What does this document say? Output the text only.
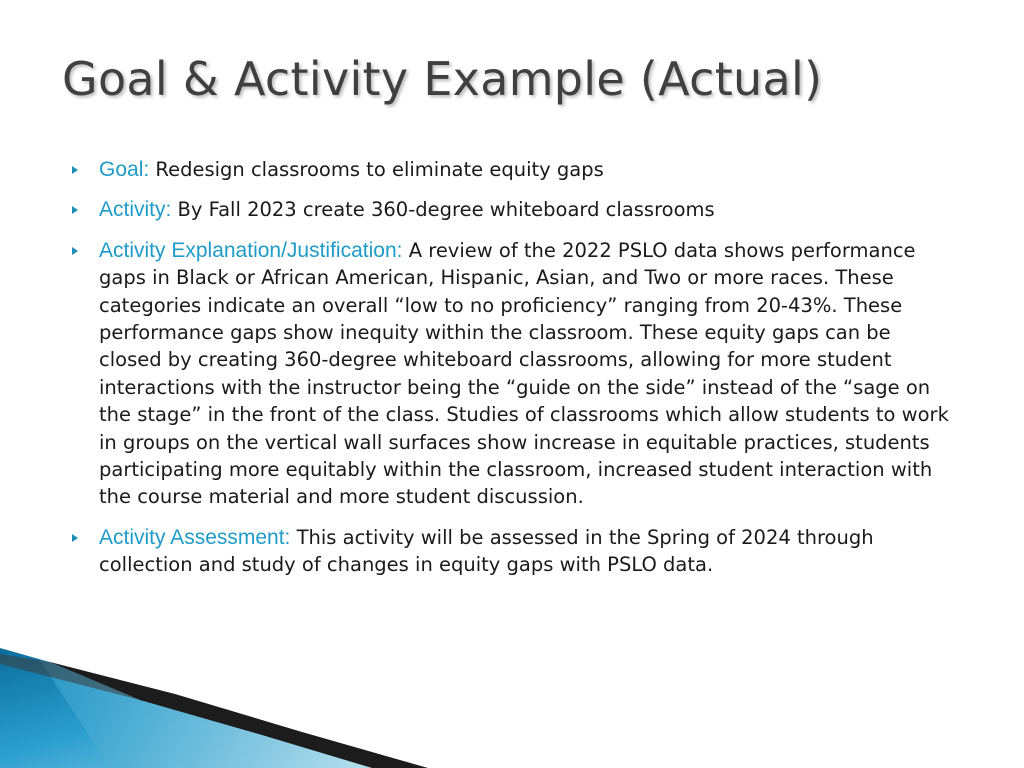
Goal & Activity Example (Actual)
Goal: Redesign classrooms to eliminate equity gaps
Activity: By Fall 2023 create 360-degree whiteboard classrooms
Activity Explanation/Justification: A review of the 2022 PSLO data shows performance gaps in Black or African American, Hispanic, Asian, and Two or more races. These categories indicate an overall “low to no proficiency” ranging from 20-43%. These performance gaps show inequity within the classroom. These equity gaps can be closed by creating 360-degree whiteboard classrooms, allowing for more student interactions with the instructor being the “guide on the side” instead of the “sage on the stage” in the front of the class. Studies of classrooms which allow students to work in groups on the vertical wall surfaces show increase in equitable practices, students participating more equitably within the classroom, increased student interaction with the course material and more student discussion.
Activity Assessment: This activity will be assessed in the Spring of 2024 through collection and study of changes in equity gaps with PSLO data.
